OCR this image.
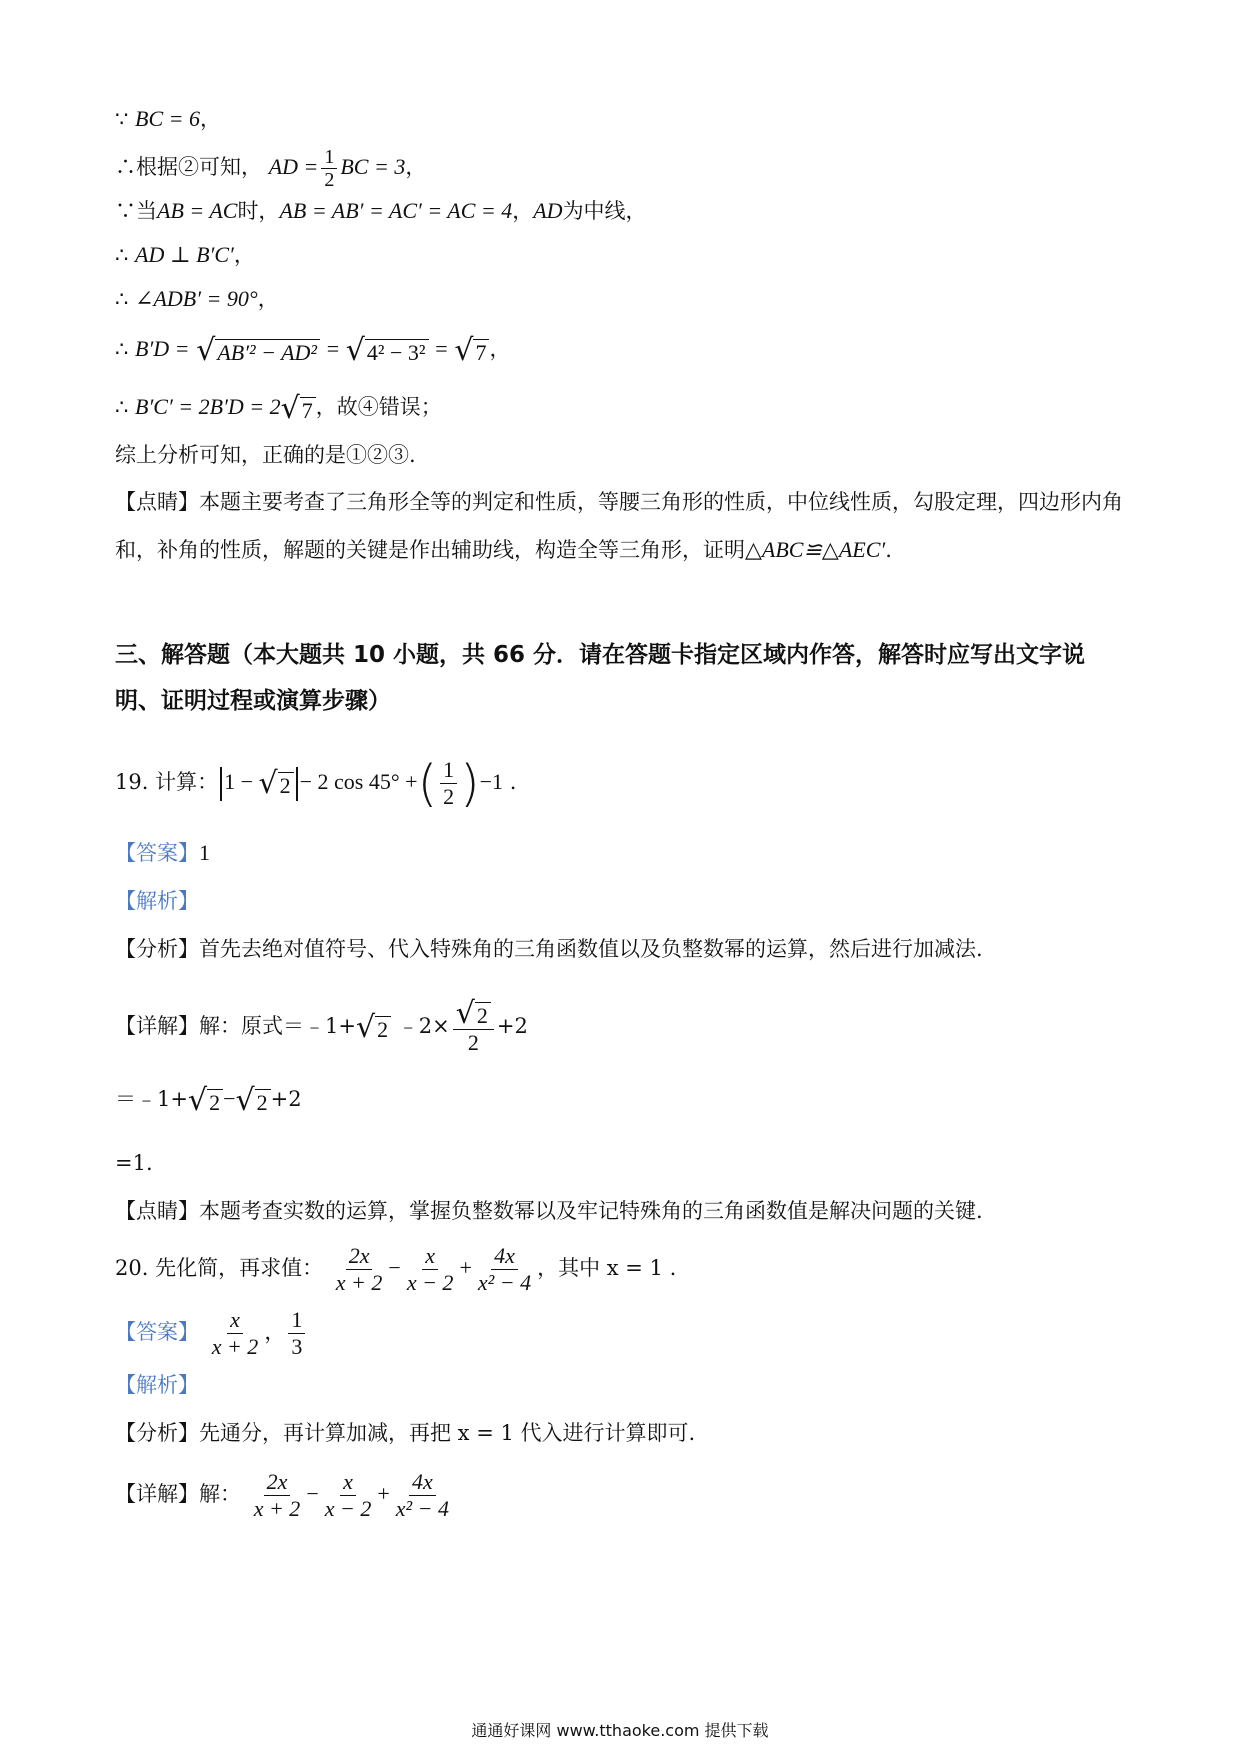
∵ BC = 6，
∴根据②可知， AD = $\frac{1}{2}$ BC = 3，
∵当AB = AC时，AB = AB′ = AC′ = AC = 4，AD为中线，
∴ AD ⊥ B′C′，
∴ ∠ADB′ = 90°，
∴ B′D = √ AB′² − AD² = √ 4² − 3² = √ 7 ，
∴ B′C′ = 2B′D = 2 √ 7 ，故④错误；
综上分析可知，正确的是①②③.
【点睛】本题主要考查了三角形全等的判定和性质，等腰三角形的性质，中位线性质，勾股定理，四边形内角和，补角的性质，解题的关键是作出辅助线，构造全等三角形，证明△ABC≌△AEC′.
三、解答题（本大题共 10 小题，共 66 分．请在答题卡指定区域内作答，解答时应写出文字说明、证明过程或演算步骤）
19. 计算： 1 − √ 2 − 2 cos 45° +( $\frac{1}{2} )^{-1}$ .
【答案】1
【解析】
【分析】首先去绝对值符号、代入特殊角的三角函数值以及负整数幂的运算，然后进行加减法.
【详解】解：原式＝﹣1+ √ 2 ﹣2× $\frac{√ 2}{2} +2$
＝﹣1+ √ 2 − √ 2 +2
=1.
【点睛】本题考查实数的运算，掌握负整数幂以及牢记特殊角的三角函数值是解决问题的关键.
20. 先化简，再求值： $\frac{2x}{x + 2} - \frac{x}{x - 2} + \frac{4x}{\text{x² − 4}}$ ，其中 x = 1 .
【答案】 $\frac{x}{x + 2}$ ， $\frac{1}{3}$
【解析】
【分析】先通分，再计算加减，再把 x = 1 代入进行计算即可.
【详解】解： $\frac{2x}{x + 2} - \frac{x}{x - 2} + \frac{4x}{\text{x² − 4}}$
通通好课网 www.tthaoke.com 提供下载
